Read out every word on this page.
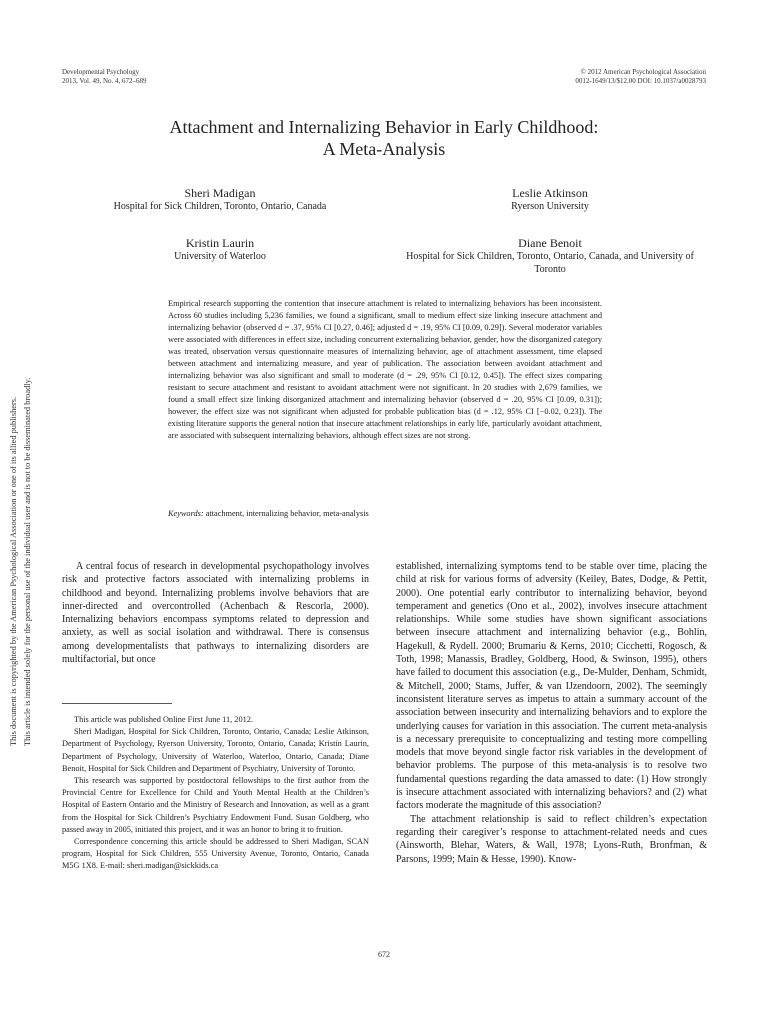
Developmental Psychology
2013, Vol. 49, No. 4, 672–689
© 2012 American Psychological Association
0012-1649/13/$12.00 DOI: 10.1037/a0028793
Attachment and Internalizing Behavior in Early Childhood:
A Meta-Analysis
Sheri Madigan
Hospital for Sick Children, Toronto, Ontario, Canada
Leslie Atkinson
Ryerson University
Kristin Laurin
University of Waterloo
Diane Benoit
Hospital for Sick Children, Toronto, Ontario, Canada, and University of Toronto

Empirical research supporting the contention that insecure attachment is related to internalizing behaviors has been inconsistent. Across 60 studies including 5,236 families, we found a significant, small to medium effect size linking insecure attachment and internalizing behavior (observed d = .37, 95% CI [0.27, 0.46]; adjusted d = .19, 95% CI [0.09, 0.29]). Several moderator variables were associated with differences in effect size, including concurrent externalizing behavior, gender, how the disorganized category was treated, observation versus questionnaire measures of internalizing behavior, age of attachment assessment, time elapsed between attachment and internalizing measure, and year of publication. The association between avoidant attachment and internalizing behavior was also significant and small to moderate (d = .29, 95% CI [0.12, 0.45]). The effect sizes comparing resistant to secure attachment and resistant to avoidant attachment were not significant. In 20 studies with 2,679 families, we found a small effect size linking disorganized attachment and internalizing behavior (observed d = .20, 95% CI [0.09, 0.31]); however, the effect size was not significant when adjusted for probable publication bias (d = .12, 95% CI [−0.02, 0.23]). The existing literature supports the general notion that insecure attachment relationships in early life, particularly avoidant attachment, are associated with subsequent internalizing behaviors, although effect sizes are not strong.

Keywords: attachment, internalizing behavior, meta-analysis

A central focus of research in developmental psychopathology involves risk and protective factors associated with internalizing problems in childhood and beyond. Internalizing problems involve behaviors that are inner-directed and overcontrolled (Achenbach & Rescorla, 2000). Internalizing behaviors encompass symptoms related to depression and anxiety, as well as social isolation and withdrawal. There is consensus among developmentalists that pathways to internalizing disorders are multifactorial, but once

established, internalizing symptoms tend to be stable over time, placing the child at risk for various forms of adversity (Keiley, Bates, Dodge, & Pettit, 2000). One potential early contributor to internalizing behavior, beyond temperament and genetics (Ono et al., 2002), involves insecure attachment relationships. While some studies have shown significant associations between insecure attachment and internalizing behavior (e.g., Bohlin, Hagekull, & Rydell. 2000; Brumariu & Kerns, 2010; Cicchetti, Rogosch, & Toth, 1998; Manassis, Bradley, Goldberg, Hood, & Swinson, 1995), others have failed to document this association (e.g., De-Mulder, Denham, Schmidt, & Mitchell, 2000; Stams, Juffer, & van IJzendoorn, 2002). The seemingly inconsistent literature serves as impetus to attain a summary account of the association between insecurity and internalizing behaviors and to explore the underlying causes for variation in this association. The current meta-analysis is a necessary prerequisite to conceptualizing and testing more compelling models that move beyond single factor risk variables in the development of behavior problems. The purpose of this meta-analysis is to resolve two fundamental questions regarding the data amassed to date: (1) How strongly is insecure attachment associated with internalizing behaviors? and (2) what factors moderate the magnitude of this association?

The attachment relationship is said to reflect children’s expectation regarding their caregiver’s response to attachment-related needs and cues (Ainsworth, Blehar, Waters, & Wall, 1978; Lyons-Ruth, Bronfman, & Parsons, 1999; Main & Hesse, 1990). Know-

This article was published Online First June 11, 2012.

Sheri Madigan, Hospital for Sick Children, Toronto, Ontario, Canada; Leslie Atkinson, Department of Psychology, Ryerson University, Toronto, Ontario, Canada; Kristin Laurin, Department of Psychology, University of Waterloo, Waterloo, Ontario, Canada; Diane Benoit, Hospital for Sick Children and Department of Psychiatry, University of Toronto.

This research was supported by postdoctoral fellowships to the first author from the Provincial Centre for Excellence for Child and Youth Mental Health at the Children’s Hospital of Eastern Ontario and the Ministry of Research and Innovation, as well as a grant from the Hospital for Sick Children’s Psychiatry Endowment Fund. Susan Goldberg, who passed away in 2005, initiated this project, and it was an honor to bring it to fruition.

Correspondence concerning this article should be addressed to Sheri Madigan, SCAN program, Hospital for Sick Children, 555 University Avenue, Toronto, Ontario, Canada M5G 1X8. E-mail: sheri.madigan@sickkids.ca

672
This document is copyrighted by the American Psychological Association or one of its allied publishers. This article is intended solely for the personal use of the individual user and is not to be disseminated broadly.
